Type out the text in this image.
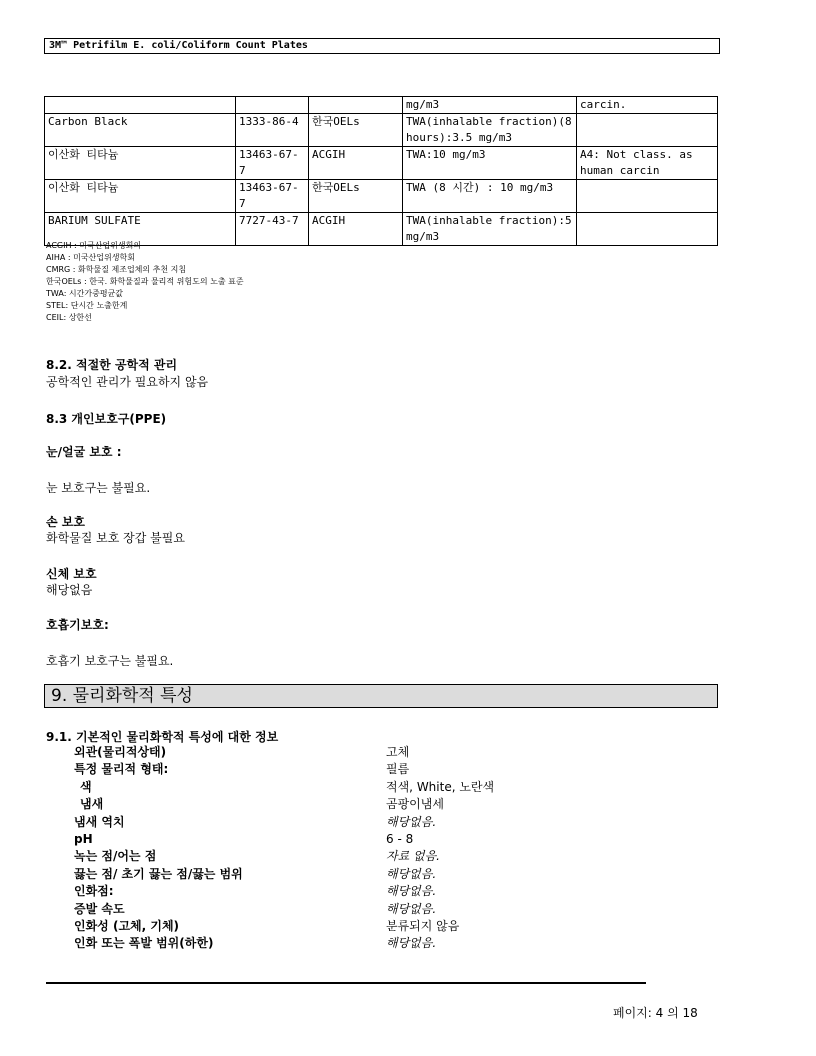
3M™ Petrifilm E. coli/Coliform Count Plates
			mg/m3	carcin.
Carbon Black	1333-86-4	한국OELs	TWA(inhalable fraction)(8 hours):3.5 mg/m3	
이산화 티타늄	13463-67-7	ACGIH	TWA:10 mg/m3	A4: Not class. as human carcin
이산화 티타늄	13463-67-7	한국OELs	TWA (8 시간) : 10 mg/m3	
BARIUM SULFATE	7727-43-7	ACGIH	TWA(inhalable fraction):5 mg/m3	
ACGIH : 미국산업위생회의
AIHA : 미국산업위생학회
CMRG : 화학물질 제조업체의 추천 지침
한국OELs : 한국. 화학물질과 물리적 위험도의 노출 표준
TWA: 시간가중평균값
STEL: 단시간 노출한계
CEIL: 상한선
8.2. 적절한 공학적 관리
공학적인 관리가 필요하지 않음
8.3 개인보호구(PPE)
눈/얼굴 보호 :
눈 보호구는 불필요.
손 보호
화학물질 보호 장갑 불필요
신체 보호
해당없음
호흡기보호:
호흡기 보호구는 불필요.
9. 물리화학적 특성
9.1. 기본적인 물리화학적 특성에 대한 정보
외관(물리적상태)	고체
특정 물리적 형태:	필름
색	적색, White, 노란색
냄새	곰팡이냄세
냄새 역치	해당없음.
pH	6 - 8
녹는 점/어는 점	자료 없음.
끓는 점/ 초기 끓는 점/끓는 범위	해당없음.
인화점:	해당없음.
증발 속도	해당없음.
인화성 (고체, 기체)	분류되지 않음
인화 또는 폭발 범위(하한)	해당없음.
페이지: 4 의 18
